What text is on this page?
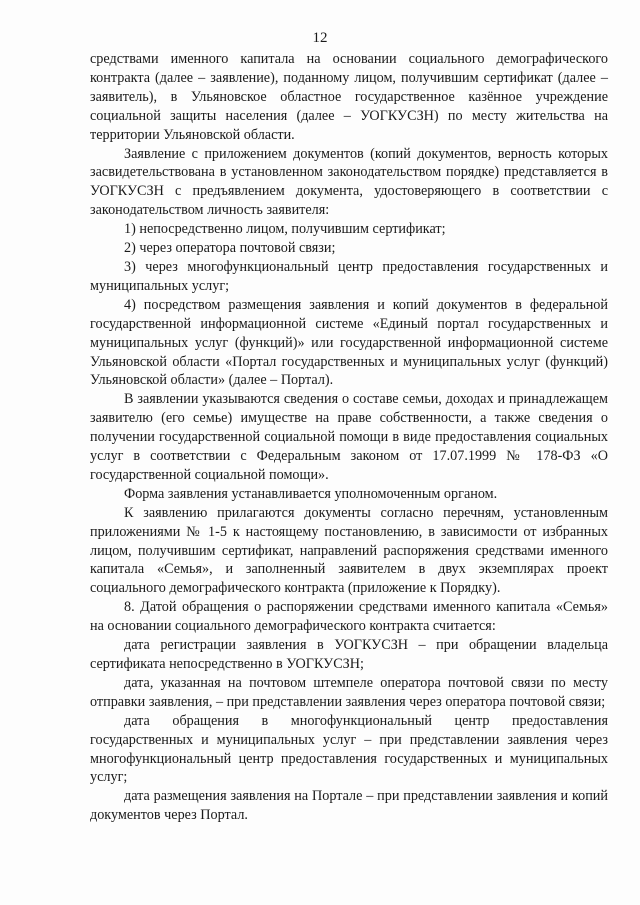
12

средствами именного капитала на основании социального демографического контракта (далее – заявление), поданному лицом, получившим сертификат (далее – заявитель), в Ульяновское областное государственное казённое учреждение социальной защиты населения (далее – УОГКУСЗН) по месту жительства на территории Ульяновской области.

Заявление с приложением документов (копий документов, верность которых засвидетельствована в установленном законодательством порядке) представляется в УОГКУСЗН с предъявлением документа, удостоверяющего в соответствии с законодательством личность заявителя:

1) непосредственно лицом, получившим сертификат;

2) через оператора почтовой связи;

3) через многофункциональный центр предоставления государственных и муниципальных услуг;

4) посредством размещения заявления и копий документов в федеральной государственной информационной системе «Единый портал государственных и муниципальных услуг (функций)» или государственной информационной системе Ульяновской области «Портал государственных и муниципальных услуг (функций) Ульяновской области» (далее – Портал).

В заявлении указываются сведения о составе семьи, доходах и принадлежащем заявителю (его семье) имуществе на праве собственности, а также сведения о получении государственной социальной помощи в виде предоставления социальных услуг в соответствии с Федеральным законом от 17.07.1999 № 178-ФЗ «О государственной социальной помощи».

Форма заявления устанавливается уполномоченным органом.

К заявлению прилагаются документы согласно перечням, установленным приложениями № 1-5 к настоящему постановлению, в зависимости от избранных лицом, получившим сертификат, направлений распоряжения средствами именного капитала «Семья», и заполненный заявителем в двух экземплярах проект социального демографического контракта (приложение к Порядку).

8. Датой обращения о распоряжении средствами именного капитала «Семья» на основании социального демографического контракта считается:

дата регистрации заявления в УОГКУСЗН – при обращении владельца сертификата непосредственно в УОГКУСЗН;

дата, указанная на почтовом штемпеле оператора почтовой связи по месту отправки заявления, – при представлении заявления через оператора почтовой связи;

дата обращения в многофункциональный центр предоставления государственных и муниципальных услуг – при представлении заявления через многофункциональный центр предоставления государственных и муниципальных услуг;

дата размещения заявления на Портале – при представлении заявления и копий документов через Портал.
